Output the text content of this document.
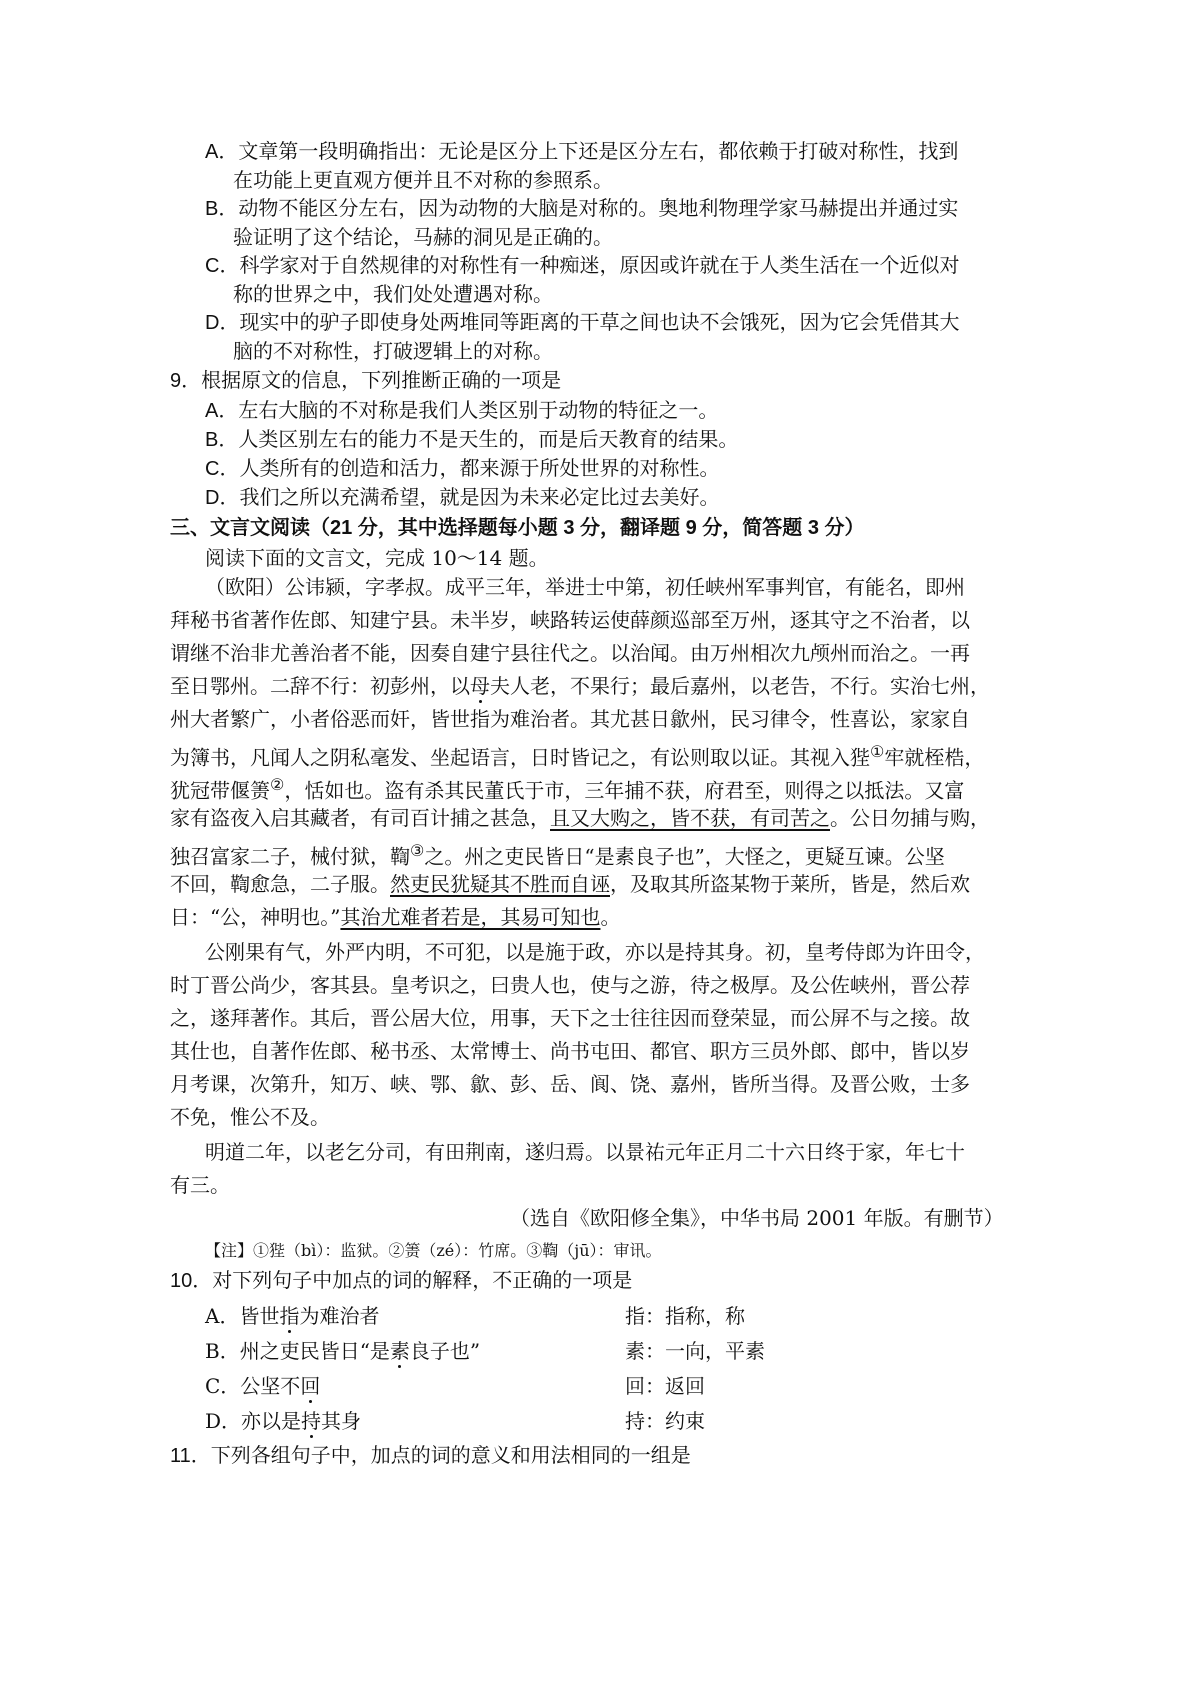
A．文章第一段明确指出：无论是区分上下还是区分左右，都依赖于打破对称性，找到
在功能上更直观方便并且不对称的参照系。
B．动物不能区分左右，因为动物的大脑是对称的。奥地利物理学家马赫提出并通过实
验证明了这个结论，马赫的洞见是正确的。
C．科学家对于自然规律的对称性有一种痴迷，原因或许就在于人类生活在一个近似对
称的世界之中，我们处处遭遇对称。
D．现实中的驴子即使身处两堆同等距离的干草之间也诀不会饿死，因为它会凭借其大
脑的不对称性，打破逻辑上的对称。
9．根据原文的信息，下列推断正确的一项是
A．左右大脑的不对称是我们人类区别于动物的特征之一。
B．人类区别左右的能力不是天生的，而是后天教育的结果。
C．人类所有的创造和活力，都来源于所处世界的对称性。
D．我们之所以充满希望，就是因为未来必定比过去美好。
三、文言文阅读（21 分，其中选择题每小题 3 分，翻译题 9 分，简答题 3 分）
阅读下面的文言文，完成 10～14 题。
（欧阳）公讳颍，字孝叔。成平三年，举进士中第，初任峡州军事判官，有能名，即州
拜秘书省著作佐郎、知建宁县。未半岁，峡路转运使薛颜巡部至万州，逐其守之不治者，以
谓继不治非尤善治者不能，因奏自建宁县往代之。以治闻。由万州相次九颅州而治之。一再
至日鄂州。二辞不行：初彭州，以母夫人老，不果行；最后嘉州，以老告，不行。实治七州，
州大者繁广，小者俗恶而奸，皆世指为难治者。其尤甚日歙州，民习律令，性喜讼，家家自
为簿书，凡闻人之阴私毫发、坐起语言，日时皆记之，有讼则取以证。其视入狴①牢就桎梏，
犹冠带偃箦②，恬如也。盗有杀其民董氏于市，三年捕不获，府君至，则得之以抵法。又富
家有盗夜入启其藏者，有司百计捕之甚急，且又大购之，皆不获，有司苦之。公日勿捕与购，
独召富家二子，械付狱，鞫③之。州之吏民皆日“是素良子也”，大怪之，更疑互谏。公坚
不回，鞫愈急，二子服。然吏民犹疑其不胜而自诬，及取其所盗某物于莱所，皆是，然后欢
日：“公，神明也。”其治尤难者若是，其易可知也。
公刚果有气，外严内明，不可犯，以是施于政，亦以是持其身。初，皇考侍郎为许田令，
时丁晋公尚少，客其县。皇考识之，曰贵人也，使与之游，待之极厚。及公佐峡州，晋公荐
之，遂拜著作。其后，晋公居大位，用事，天下之士往往因而登荣显，而公屏不与之接。故
其仕也，自著作佐郎、秘书丞、太常博士、尚书屯田、都官、职方三员外郎、郎中，皆以岁
月考课，次第升，知万、峡、鄂、歙、彭、岳、阆、饶、嘉州，皆所当得。及晋公败，士多
不免，惟公不及。
明道二年，以老乞分司，有田荆南，遂归焉。以景祐元年正月二十六日终于家，年七十
有三。
（选自《欧阳修全集》，中华书局 2001 年版。有删节）
【注】①狴（bì）：监狱。②箦（zé）：竹席。③鞫（jū）：审讯。
10．对下列句子中加点的词的解释，不正确的一项是
A．皆世指为难治者	指：指称，称
B．州之吏民皆日“是素良子也”	素：一向，平素
C．公坚不回	回：返回
D．亦以是持其身	持：约束
11．下列各组句子中，加点的词的意义和用法相同的一组是
